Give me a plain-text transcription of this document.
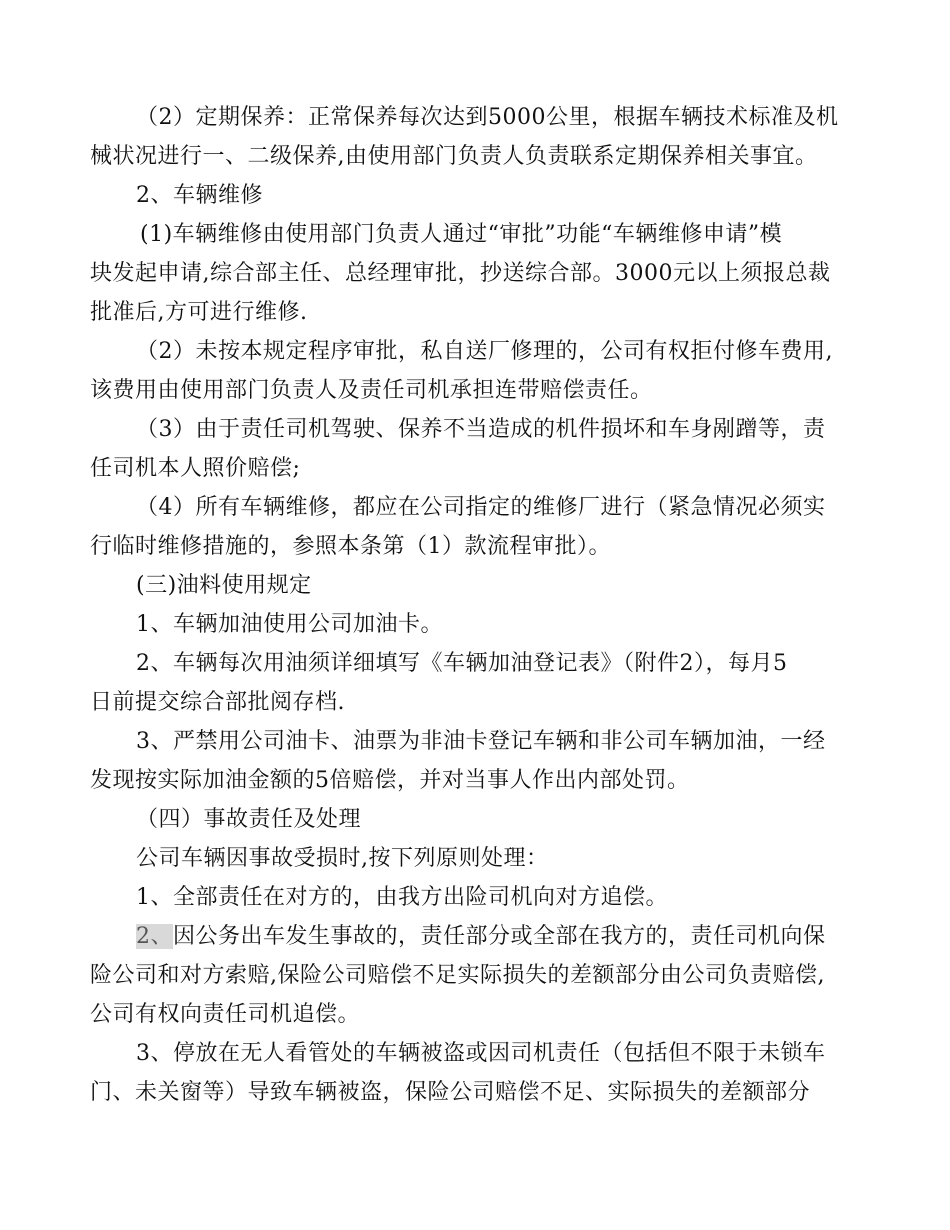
（2）定期保养：正常保养每次达到5000公里，根据车辆技术标准及机
械状况进行一、二级保养,由使用部门负责人负责联系定期保养相关事宜。
2、车辆维修
(1)车辆维修由使用部门负责人通过“审批”功能“车辆维修申请”模
块发起申请,综合部主任、总经理审批，抄送综合部。3000元以上须报总裁
批准后,方可进行维修.
（2）未按本规定程序审批，私自送厂修理的，公司有权拒付修车费用,
该费用由使用部门负责人及责任司机承担连带赔偿责任。
（3）由于责任司机驾驶、保养不当造成的机件损坏和车身剐蹭等，责
任司机本人照价赔偿;
（4）所有车辆维修，都应在公司指定的维修厂进行（紧急情况必须实
行临时维修措施的，参照本条第（1）款流程审批）。
(三)油料使用规定
1、车辆加油使用公司加油卡。
2、车辆每次用油须详细填写《车辆加油登记表》（附件2），每月5
日前提交综合部批阅存档.
3、严禁用公司油卡、油票为非油卡登记车辆和非公司车辆加油，一经
发现按实际加油金额的5倍赔偿，并对当事人作出内部处罚。
（四）事故责任及处理
公司车辆因事故受损时,按下列原则处理：
1、全部责任在对方的，由我方出险司机向对方追偿。
2、因公务出车发生事故的，责任部分或全部在我方的，责任司机向保
险公司和对方索赔,保险公司赔偿不足实际损失的差额部分由公司负责赔偿,
公司有权向责任司机追偿。
3、停放在无人看管处的车辆被盗或因司机责任（包括但不限于未锁车
门、未关窗等）导致车辆被盗，保险公司赔偿不足、实际损失的差额部分
